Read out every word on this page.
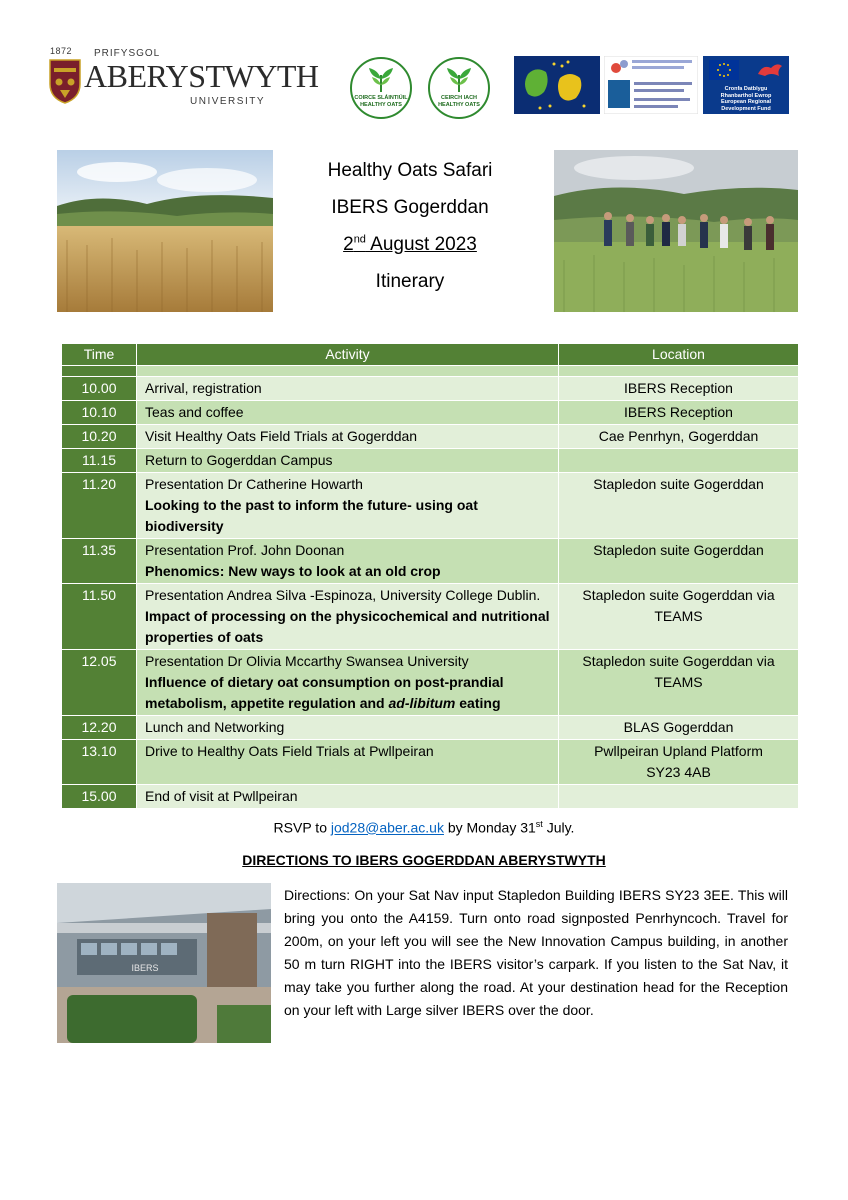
1872 PRIFYSGOL
ABERYSTWYTH
UNIVERSITY	COIRCE SLÁINTIÚIL
HEALTHY OATS
CEIRCH IACH
HEALTHY OATS
Cronfa Datblygu
Rhanbarthol Ewrop
European Regional
Development Fund
Healthy Oats Safari
IBERS Gogerddan
2nd August 2023
Itinerary
Time	Activity	Location

10.00	Arrival, registration	IBERS Reception
10.10	Teas and coffee	IBERS Reception
10.20	Visit Healthy Oats Field Trials at Gogerddan	Cae Penrhyn, Gogerddan
11.15	Return to Gogerddan Campus	
11.20	Presentation Dr Catherine Howarth
Looking to the past to inform the future- using oat biodiversity	Stapledon suite Gogerddan
11.35	Presentation Prof. John Doonan
Phenomics: New ways to look at an old crop	Stapledon suite Gogerddan
11.50	Presentation Andrea Silva -Espinoza, University College Dublin.
Impact of processing on the physicochemical and nutritional properties of oats	Stapledon suite Gogerddan via TEAMS
12.05	Presentation Dr Olivia Mccarthy Swansea University
Influence of dietary oat consumption on post-prandial metabolism, appetite regulation and ad-libitum eating	Stapledon suite Gogerddan via TEAMS
12.20	Lunch and Networking	BLAS Gogerddan
13.10	Drive to Healthy Oats Field Trials at Pwllpeiran	Pwllpeiran Upland Platform
SY23 4AB

15.00	End of visit at Pwllpeiran	
RSVP to jod28@aber.ac.uk by Monday 31st July.
DIRECTIONS TO IBERS GOGERDDAN ABERYSTWYTH
IBERS
Directions: On your Sat Nav input Stapledon Building IBERS SY23 3EE. This will bring you onto the A4159. Turn onto road signposted Penrhyncoch. Travel for 200m, on your left you will see the New Innovation Campus building, in another 50 m turn RIGHT into the IBERS visitor’s carpark. If you listen to the Sat Nav, it may take you further along the road. At your destination head for the Reception on your left with Large silver IBERS over the door.
